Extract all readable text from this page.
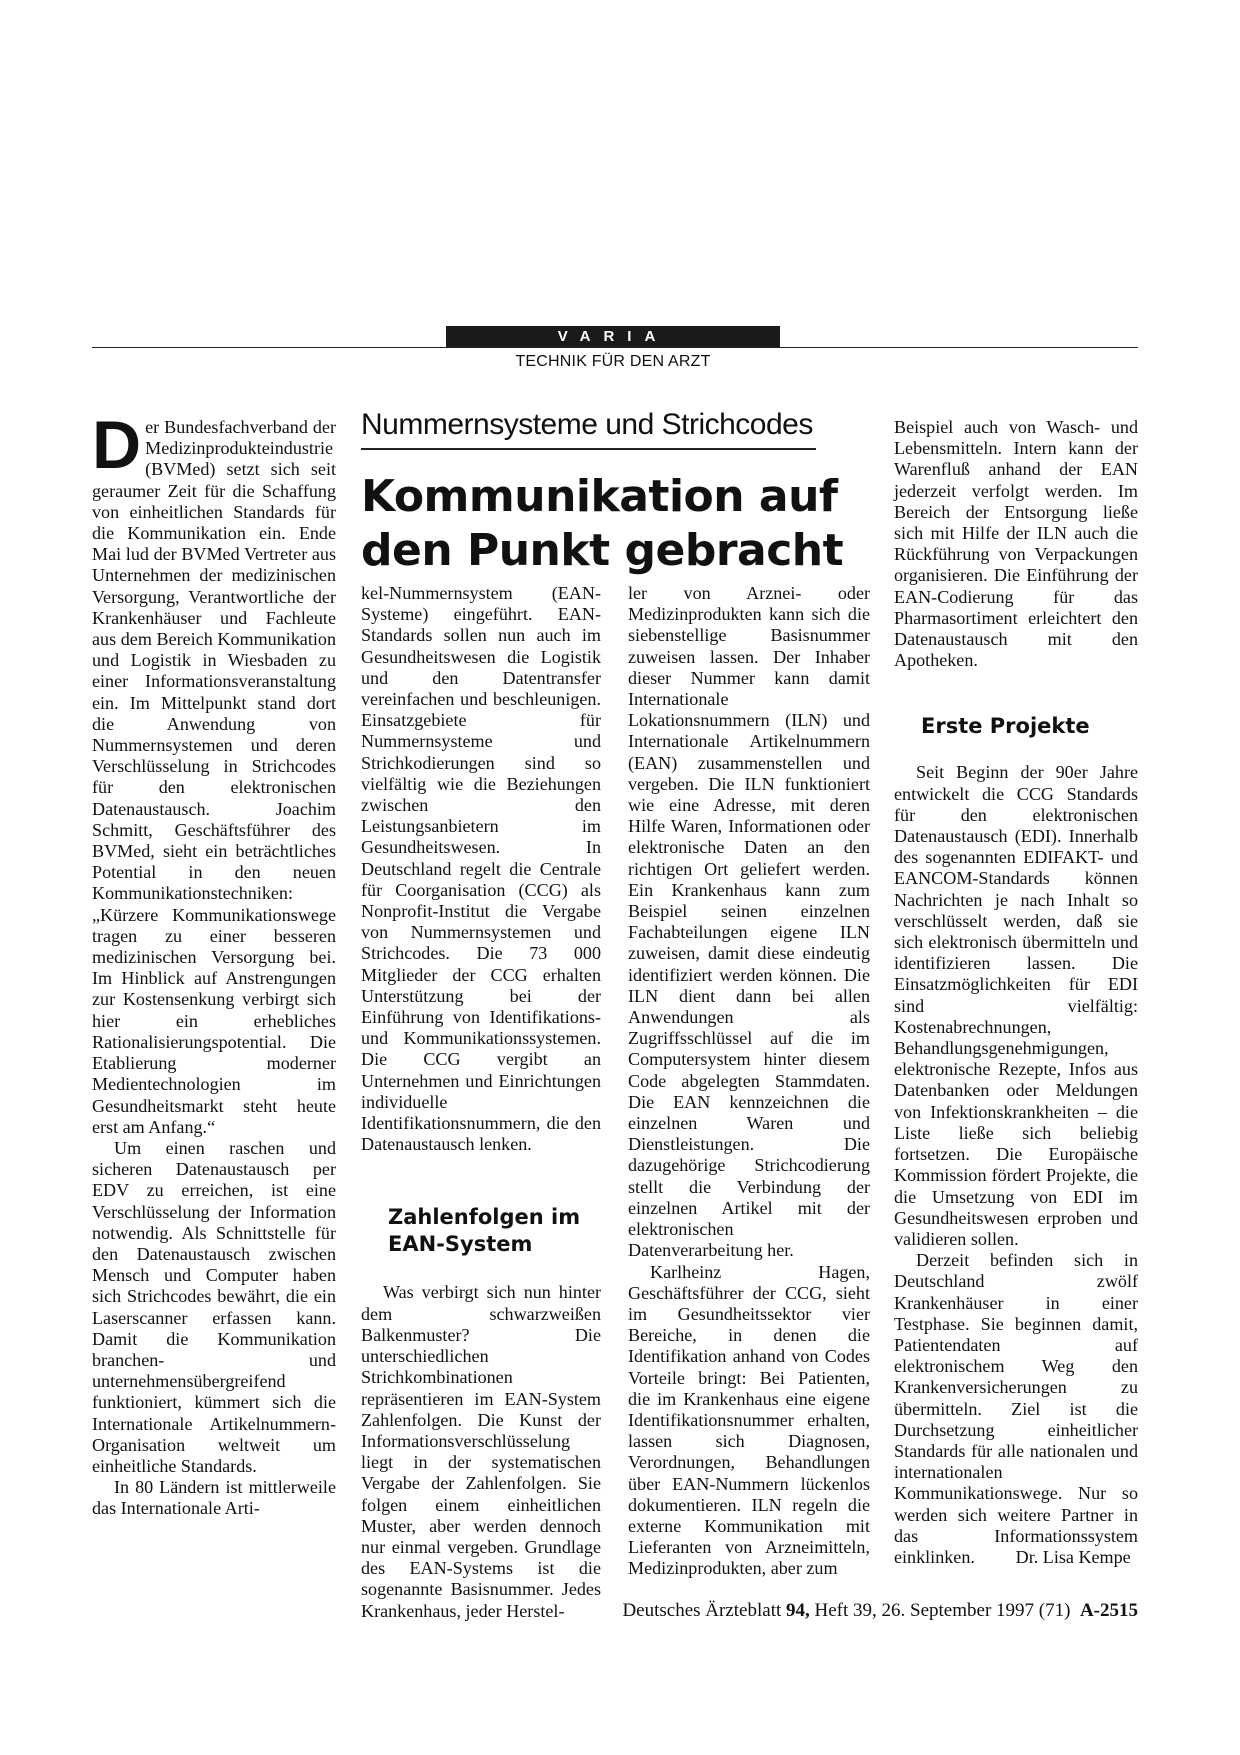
VARIA
TECHNIK FÜR DEN ARZT
Nummernsysteme und Strichcodes
Kommunikation auf den Punkt gebracht

Der Bundesfachverband der Medizinprodukteindustrie (BVMed) setzt sich seit geraumer Zeit für die Schaffung von einheitlichen Standards für die Kommunikation ein. Ende Mai lud der BVMed Vertreter aus Unternehmen der medizinischen Versorgung, Verantwortliche der Krankenhäuser und Fachleute aus dem Bereich Kommunikation und Logistik in Wiesbaden zu einer Informationsveranstaltung ein. Im Mittelpunkt stand dort die Anwendung von Nummernsystemen und deren Verschlüsselung in Strichcodes für den elektronischen Datenaustausch. Joachim Schmitt, Geschäftsführer des BVMed, sieht ein beträchtliches Potential in den neuen Kommunikationstechniken: „Kürzere Kommunikationswege tragen zu einer besseren medizinischen Versorgung bei. Im Hinblick auf Anstrengungen zur Kostensenkung verbirgt sich hier ein erhebliches Rationalisierungspotential. Die Etablierung moderner Medientechnologien im Gesundheitsmarkt steht heute erst am Anfang.“

Um einen raschen und sicheren Datenaustausch per EDV zu erreichen, ist eine Verschlüsselung der Information notwendig. Als Schnittstelle für den Datenaustausch zwischen Mensch und Computer haben sich Strichcodes bewährt, die ein Laserscanner erfassen kann. Damit die Kommunikation branchen- und unternehmensübergreifend funktioniert, kümmert sich die Internationale Artikelnummern-Organisation weltweit um einheitliche Standards.

In 80 Ländern ist mittlerweile das Internationale Arti-

kel-Nummernsystem (EAN-Systeme) eingeführt. EAN-Standards sollen nun auch im Gesundheitswesen die Logistik und den Datentransfer vereinfachen und beschleunigen. Einsatzgebiete für Nummernsysteme und Strichkodierungen sind so vielfältig wie die Beziehungen zwischen den Leistungsanbietern im Gesundheitswesen. In Deutschland regelt die Centrale für Coorganisation (CCG) als Nonprofit-Institut die Vergabe von Nummernsystemen und Strichcodes. Die 73 000 Mitglieder der CCG erhalten Unterstützung bei der Einführung von Identifikations- und Kommunikationssystemen. Die CCG vergibt an Unternehmen und Einrichtungen individuelle Identifikationsnummern, die den Datenaustausch lenken.

Zahlenfolgen im EAN-System

Was verbirgt sich nun hinter dem schwarzweißen Balkenmuster? Die unterschiedlichen Strichkombinationen repräsentieren im EAN-System Zahlenfolgen. Die Kunst der Informationsverschlüsselung liegt in der systematischen Vergabe der Zahlenfolgen. Sie folgen einem einheitlichen Muster, aber werden dennoch nur einmal vergeben. Grundlage des EAN-Systems ist die sogenannte Basisnummer. Jedes Krankenhaus, jeder Herstel-

ler von Arznei- oder Medizinprodukten kann sich die siebenstellige Basisnummer zuweisen lassen. Der Inhaber dieser Nummer kann damit Internationale Lokationsnummern (ILN) und Internationale Artikelnummern (EAN) zusammenstellen und vergeben. Die ILN funktioniert wie eine Adresse, mit deren Hilfe Waren, Informationen oder elektronische Daten an den richtigen Ort geliefert werden. Ein Krankenhaus kann zum Beispiel seinen einzelnen Fachabteilungen eigene ILN zuweisen, damit diese eindeutig identifiziert werden können. Die ILN dient dann bei allen Anwendungen als Zugriffsschlüssel auf die im Computersystem hinter diesem Code abgelegten Stammdaten. Die EAN kennzeichnen die einzelnen Waren und Dienstleistungen. Die dazugehörige Strichcodierung stellt die Verbindung der einzelnen Artikel mit der elektronischen Datenverarbeitung her.

Karlheinz Hagen, Geschäftsführer der CCG, sieht im Gesundheitssektor vier Bereiche, in denen die Identifikation anhand von Codes Vorteile bringt: Bei Patienten, die im Krankenhaus eine eigene Identifikationsnummer erhalten, lassen sich Diagnosen, Verordnungen, Behandlungen über EAN-Nummern lückenlos dokumentieren. ILN regeln die externe Kommunikation mit Lieferanten von Arzneimitteln, Medizinprodukten, aber zum

Beispiel auch von Wasch- und Lebensmitteln. Intern kann der Warenfluß anhand der EAN jederzeit verfolgt werden. Im Bereich der Entsorgung ließe sich mit Hilfe der ILN auch die Rückführung von Verpackungen organisieren. Die Einführung der EAN-Codierung für das Pharmasortiment erleichtert den Datenaustausch mit den Apotheken.

Erste Projekte

Seit Beginn der 90er Jahre entwickelt die CCG Standards für den elektronischen Datenaustausch (EDI). Innerhalb des sogenannten EDIFAKT- und EANCOM-Standards können Nachrichten je nach Inhalt so verschlüsselt werden, daß sie sich elektronisch übermitteln und identifizieren lassen. Die Einsatzmöglichkeiten für EDI sind vielfältig: Kostenabrechnungen, Behandlungsgenehmigungen, elektronische Rezepte, Infos aus Datenbanken oder Meldungen von Infektionskrankheiten – die Liste ließe sich beliebig fortsetzen. Die Europäische Kommission fördert Projekte, die die Umsetzung von EDI im Gesundheitswesen erproben und validieren sollen.

Derzeit befinden sich in Deutschland zwölf Krankenhäuser in einer Testphase. Sie beginnen damit, Patientendaten auf elektronischem Weg den Krankenversicherungen zu übermitteln. Ziel ist die Durchsetzung einheitlicher Standards für alle nationalen und internationalen Kommunikationswege. Nur so werden sich weitere Partner in das Informationssystem einklinken. Dr. Lisa Kempe

Deutsches Ärzteblatt 94, Heft 39, 26. September 1997 (71) A-2515
